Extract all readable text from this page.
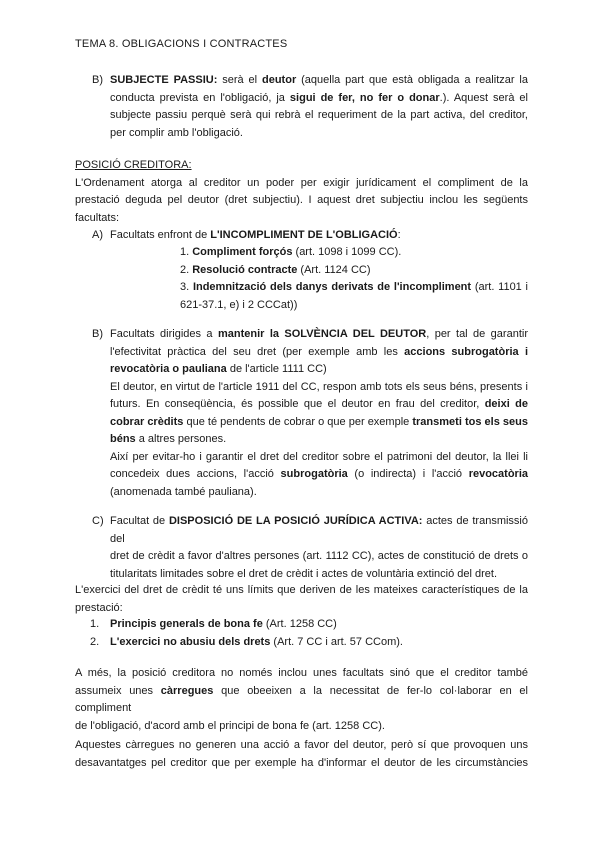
TEMA 8. OBLIGACIONS I CONTRACTES
B) SUBJECTE PASSIU: serà el deutor (aquella part que està obligada a realitzar la
conducta prevista en l'obligació, ja sigui de fer, no fer o donar.). Aquest serà el
subjecte passiu perquè serà qui rebrà el requeriment de la part activa, del creditor,
per complir amb l'obligació.
POSICIÓ CREDITORA:
L'Ordenament atorga al creditor un poder per exigir jurídicament el compliment de la
prestació deguda pel deutor (dret subjectiu). I aquest dret subjectiu inclou les següents
facultats:
A) Facultats enfront de L'INCOMPLIMENT DE L'OBLIGACIÓ:
1. Compliment forçós (art. 1098 i 1099 CC).
2. Resolució contracte (Art. 1124 CC)
3. Indemnització dels danys derivats de l'incompliment (art. 1101 i
621-37.1, e) i 2 CCCat))
B) Facultats dirigides a mantenir la SOLVÈNCIA DEL DEUTOR, per tal de garantir
l'efectivitat pràctica del seu dret (per exemple amb les accions subrogatòria i
revocatòria o pauliana de l'article 1111 CC)
El deutor, en virtut de l'article 1911 del CC, respon amb tots els seus béns, presents i
futurs. En conseqüència, és possible que el deutor en frau del creditor, deixi de
cobrar crèdits que té pendents de cobrar o que per exemple transmeti tos els seus
béns a altres persones.
Així per evitar-ho i garantir el dret del creditor sobre el patrimoni del deutor, la llei li
concedeix dues accions, l'acció subrogatòria (o indirecta) i l'acció revocatòria
(anomenada també pauliana).
C) Facultat de DISPOSICIÓ DE LA POSICIÓ JURÍDICA ACTIVA: actes de transmissió del
dret de crèdit a favor d'altres persones (art. 1112 CC), actes de constitució de drets o
titularitats limitades sobre el dret de crèdit i actes de voluntària extinció del dret.
L'exercici del dret de crèdit té uns límits que deriven de les mateixes característiques de la
prestació:
1. Principis generals de bona fe (Art. 1258 CC)
2. L'exercici no abusiu dels drets (Art. 7 CC i art. 57 CCom).
A més, la posició creditora no només inclou unes facultats sinó que el creditor també
assumeix unes càrregues que obeeixen a la necessitat de fer-lo col·laborar en el compliment
de l'obligació, d'acord amb el principi de bona fe (art. 1258 CC).
Aquestes càrregues no generen una acció a favor del deutor, però sí que provoquen uns
desavantatges pel creditor que per exemple ha d'informar el deutor de les circumstàncies
